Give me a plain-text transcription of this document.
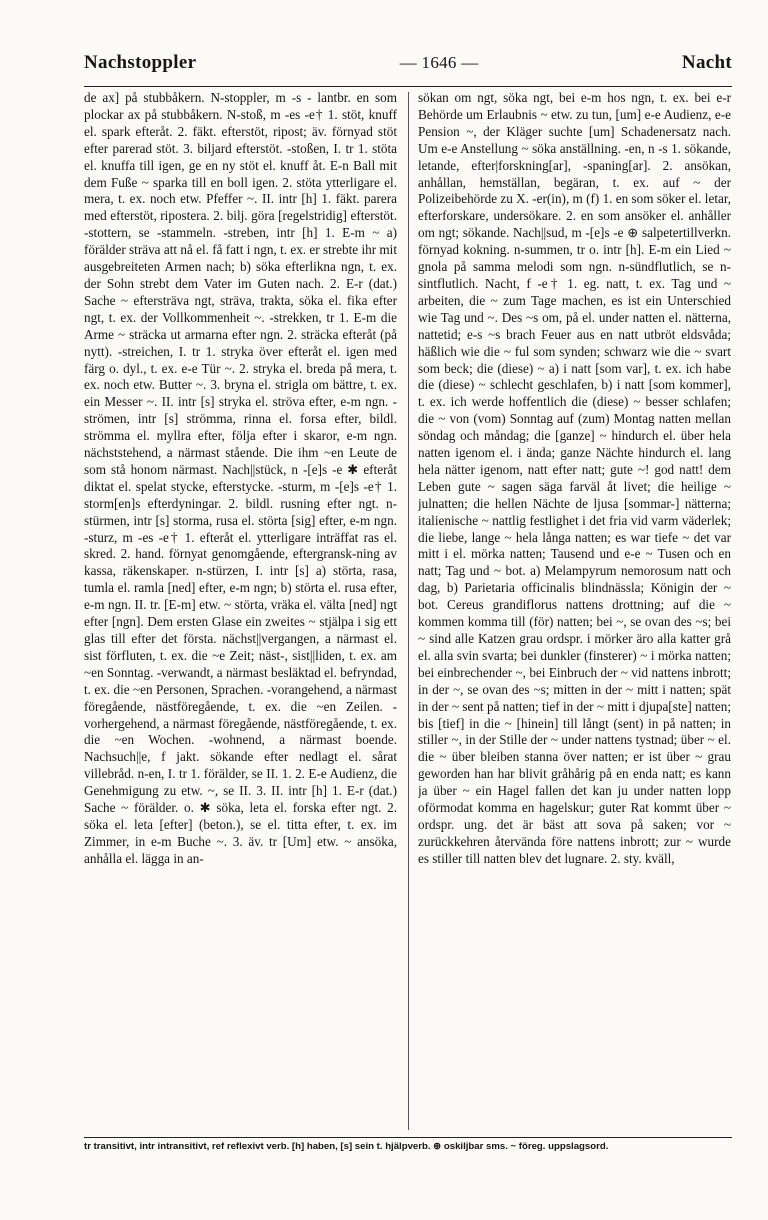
Nachstoppler	— 1646 —	Nacht

de ax] på stubbåkern. N-stoppler, m -s - lantbr. en som plockar ax på stubbåkern. N-stoß, m -es -e† 1. stöt, knuff el. spark efteråt. 2. fäkt. efterstöt, ripost; äv. förnyad stöt efter parerad stöt. 3. biljard efterstöt. -stoßen, I. tr 1. stöta el. knuffa till igen, ge en ny stöt el. knuff åt. E-n Ball mit dem Fuße ~ sparka till en boll igen. 2. stöta ytterligare el. mera, t. ex. noch etw. Pfeffer ~. II. intr [h] 1. fäkt. parera med efterstöt, ripostera. 2. bilj. göra [regelstridig] efterstöt. -stottern, se -stammeln. -streben, intr [h] 1. E-m ~ a) förälder sträva att nå el. få fatt i ngn, t. ex. er strebte ihr mit ausgebreiteten Armen nach; b) söka efterlikna ngn, t. ex. der Sohn strebt dem Vater im Guten nach. 2. E-r (dat.) Sache ~ eftersträva ngt, sträva, trakta, söka el. fika efter ngt, t. ex. der Vollkommenheit ~. -strekken, tr 1. E-m die Arme ~ sträcka ut armarna efter ngn. 2. sträcka efteråt (på nytt). -streichen, I. tr 1. stryka över efteråt el. igen med färg o. dyl., t. ex. e-e Tür ~. 2. stryka el. breda på mera, t. ex. noch etw. Butter ~. 3. bryna el. strigla om bättre, t. ex. ein Messer ~. II. intr [s] stryka el. ströva efter, e-m ngn. -strömen, intr [s] strömma, rinna el. forsa efter, bildl. strömma el. myllra efter, följa efter i skaror, e-m ngn. nächststehend, a närmast stående. Die ihm ~en Leute de som stå honom närmast. Nach||stück, n -[e]s -e ✱ efteråt diktat el. spelat stycke, efterstycke. -sturm, m -[e]s -e† 1. storm[en]s efterdyningar. 2. bildl. rusning efter ngt. n-stürmen, intr [s] storma, rusa el. störta [sig] efter, e-m ngn. -sturz, m -es -e† 1. efteråt el. ytterligare inträffat ras el. skred. 2. hand. förnyat genomgående, eftergransk-ning av kassa, räkenskaper. n-stürzen, I. intr [s] a) störta, rasa, tumla el. ramla [ned] efter, e-m ngn; b) störta el. rusa efter, e-m ngn. II. tr. [E-m] etw. ~ störta, vräka el. välta [ned] ngt efter [ngn]. Dem ersten Glase ein zweites ~ stjälpa i sig ett glas till efter det första. nächst||vergangen, a närmast el. sist förfluten, t. ex. die ~e Zeit; näst-, sist||liden, t. ex. am ~en Sonntag. -verwandt, a närmast besläktad el. befryndad, t. ex. die ~en Personen, Sprachen. -vorangehend, a närmast föregående, nästföregående, t. ex. die ~en Zeilen. -vorhergehend, a närmast föregående, nästföregående, t. ex. die ~en Wochen. -wohnend, a närmast boende. Nachsuch||e, f jakt. sökande efter nedlagt el. sårat villebråd. n-en, I. tr 1. förälder, se II. 1. 2. E-e Audienz, die Genehmigung zu etw. ~, se II. 3. II. intr [h] 1. E-r (dat.) Sache ~ förälder. o. ✱ söka, leta el. forska efter ngt. 2. söka el. leta [efter] (beton.), se el. titta efter, t. ex. im Zimmer, in e-m Buche ~. 3. äv. tr [Um] etw. ~ ansöka, anhålla el. lägga in an-

sökan om ngt, söka ngt, bei e-m hos ngn, t. ex. bei e-r Behörde um Erlaubnis ~ etw. zu tun, [um] e-e Audienz, e-e Pension ~, der Kläger suchte [um] Schadenersatz nach. Um e-e Anstellung ~ söka anställning. -en, n -s 1. sökande, letande, efter|forskning[ar], -spaning[ar]. 2. ansökan, anhållan, hemställan, begäran, t. ex. auf ~ der Polizeibehörde zu X. -er(in), m (f) 1. en som söker el. letar, efterforskare, undersökare. 2. en som ansöker el. anhåller om ngt; sökande. Nach||sud, m -[e]s -e ⊕ salpetertillverkn. förnyad kokning. n-summen, tr o. intr [h]. E-m ein Lied ~ gnola på samma melodi som ngn. n-sündflutlich, se n-sintflutlich. Nacht, f -e† 1. eg. natt, t. ex. Tag und ~ arbeiten, die ~ zum Tage machen, es ist ein Unterschied wie Tag und ~. Des ~s om, på el. under natten el. nätterna, nattetid; e-s ~s brach Feuer aus en natt utbröt eldsvåda; häßlich wie die ~ ful som synden; schwarz wie die ~ svart som beck; die (diese) ~ a) i natt [som var], t. ex. ich habe die (diese) ~ schlecht geschlafen, b) i natt [som kommer], t. ex. ich werde hoffentlich die (diese) ~ besser schlafen; die ~ von (vom) Sonntag auf (zum) Montag natten mellan söndag och måndag; die [ganze] ~ hindurch el. über hela natten igenom el. i ända; ganze Nächte hindurch el. lang hela nätter igenom, natt efter natt; gute ~! god natt! dem Leben gute ~ sagen säga farväl åt livet; die heilige ~ julnatten; die hellen Nächte de ljusa [sommar-] nätterna; italienische ~ nattlig festlighet i det fria vid varm väderlek; die liebe, lange ~ hela långa natten; es war tiefe ~ det var mitt i el. mörka natten; Tausend und e-e ~ Tusen och en natt; Tag und ~ bot. a) Melampyrum nemorosum natt och dag, b) Parietaria officinalis blindnässla; Königin der ~ bot. Cereus grandiflorus nattens drottning; auf die ~ kommen komma till (för) natten; bei ~, se ovan des ~s; bei ~ sind alle Katzen grau ordspr. i mörker äro alla katter grå el. alla svin svarta; bei dunkler (finsterer) ~ i mörka natten; bei einbrechender ~, bei Einbruch der ~ vid nattens inbrott; in der ~, se ovan des ~s; mitten in der ~ mitt i natten; spät in der ~ sent på natten; tief in der ~ mitt i djupa[ste] natten; bis [tief] in die ~ [hinein] till långt (sent) in på natten; in stiller ~, in der Stille der ~ under nattens tystnad; über ~ el. die ~ über bleiben stanna över natten; er ist über ~ grau geworden han har blivit gråhårig på en enda natt; es kann ja über ~ ein Hagel fallen det kan ju under natten lopp oförmodat komma en hagelskur; guter Rat kommt über ~ ordspr. ung. det är bäst att sova på saken; vor ~ zurückkehren återvända före nattens inbrott; zur ~ wurde es stiller till natten blev det lugnare. 2. sty. kväll,

tr transitivt, intr intransitivt, ref reflexivt verb. [h] haben, [s] sein t. hjälpverb. ⊕ oskiljbar sms. ~ föreg. uppslagsord.
